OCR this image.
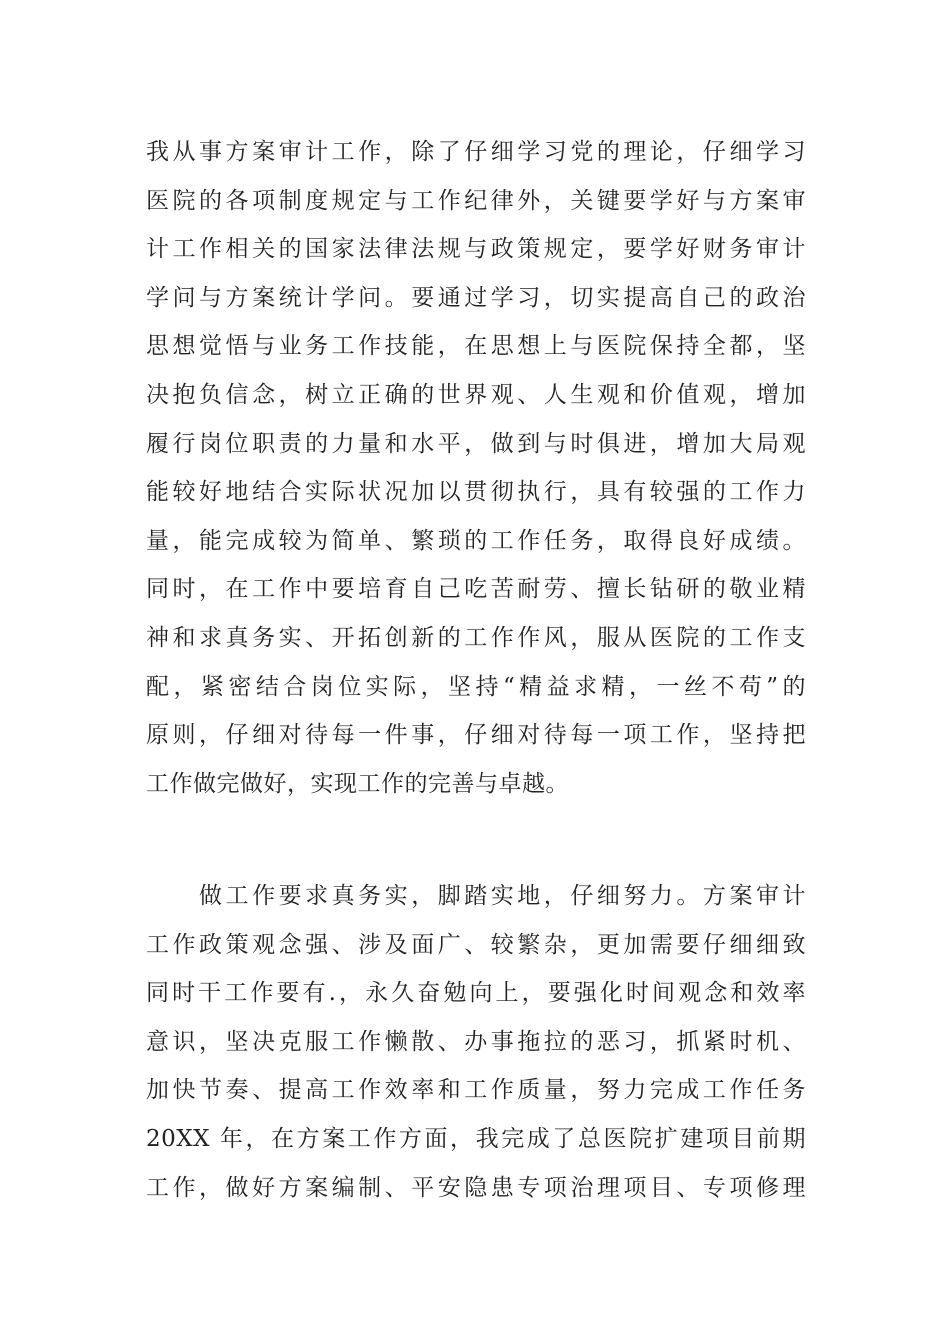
我从事方案审计工作，除了仔细学习党的理论，仔细学习
医院的各项制度规定与工作纪律外，关键要学好与方案审
计工作相关的国家法律法规与政策规定，要学好财务审计
学问与方案统计学问。要通过学习，切实提高自己的政治
思想觉悟与业务工作技能，在思想上与医院保持全都，坚
决抱负信念，树立正确的世界观、人生观和价值观，增加
履行岗位职责的力量和水平，做到与时俱进，增加大局观
能较好地结合实际状况加以贯彻执行，具有较强的工作力
量，能完成较为简单、繁琐的工作任务，取得良好成绩。
同时，在工作中要培育自己吃苦耐劳、擅长钻研的敬业精
神和求真务实、开拓创新的工作作风，服从医院的工作支
配，紧密结合岗位实际，坚持“精益求精，一丝不苟”的
原则，仔细对待每一件事，仔细对待每一项工作，坚持把
工作做完做好，实现工作的完善与卓越。

　　做工作要求真务实，脚踏实地，仔细努力。方案审计
工作政策观念强、涉及面广、较繁杂，更加需要仔细细致
同时干工作要有.，永久奋勉向上，要强化时间观念和效率
意识，坚决克服工作懒散、办事拖拉的恶习，抓紧时机、
加快节奏、提高工作效率和工作质量，努力完成工作任务
20XX 年，在方案工作方面，我完成了总医院扩建项目前期
工作，做好方案编制、平安隐患专项治理项目、专项修理
